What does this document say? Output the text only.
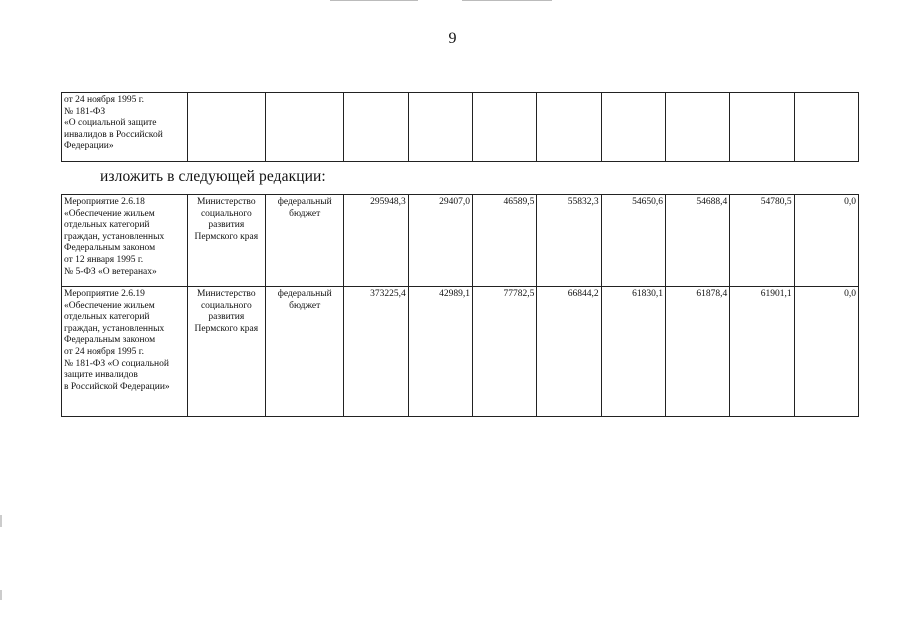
9
от 24 ноября 1995 г.
№ 181-ФЗ
«О социальной защите инвалидов в Российской Федерации»

изложить в следующей редакции:
Мероприятие 2.6.18
«Обеспечение жильем отдельных категорий граждан, установленных Федеральным законом
от 12 января 1995 г.
№ 5-ФЗ «О ветеранах»	Министерство социального развития Пермского края	федеральный бюджет	295948,3	29407,0	46589,5	55832,3	54650,6	54688,4	54780,5	0,0

Мероприятие 2.6.19
«Обеспечение жильем отдельных категорий граждан, установленных Федеральным законом
от 24 ноября 1995 г.
№ 181-ФЗ «О социальной защите инвалидов
в Российской Федерации»	Министерство социального развития Пермского края	федеральный бюджет	373225,4	42989,1	77782,5	66844,2	61830,1	61878,4	61901,1	0,0
